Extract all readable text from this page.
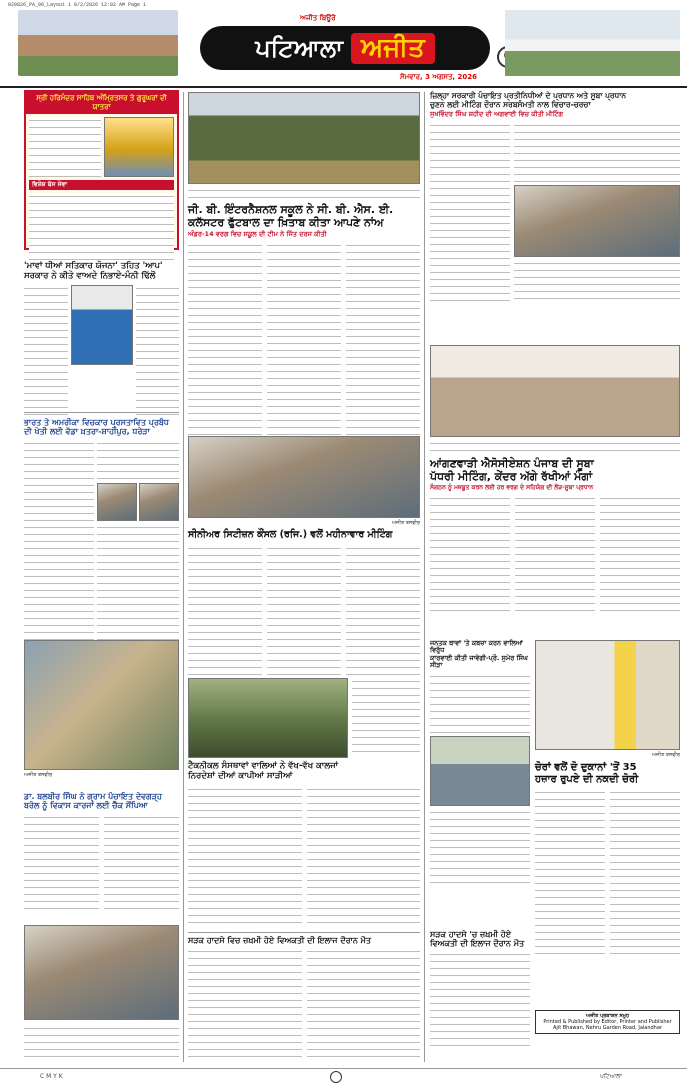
020826_PA_06_Layout 1 8/2/2026 12:02 AM Page 1
ਅਜੀਤ ਬਿਊਰੋ
ਪਟਿਆਲਾ ਅਜੀਤ
ਸੋਮਵਾਰ, 3 ਅਗਸਤ, 2026
ਸ੍ਰੀ ਹਰਿਮੰਦਰ ਸਾਹਿਬ ਅੰਮ੍ਰਿਤਸਰ ਤੇ ਗੁਰੂਘਰਾਂ ਦੀ ਯਾਤਰਾ
ਵਿਸ਼ੇਸ਼ ਬੱਸ ਸੇਵਾ
'ਮਾਵਾਂ ਧੀਆਂ ਸਤਿਕਾਰ ਯੋਜਨਾ' ਤਹਿਤ 'ਆਪ'
ਸਰਕਾਰ ਨੇ ਕੀਤੇ ਵਾਅਦੇ ਨਿਭਾਏ-ਮੰਨੀ ਢਿੱਲੋਂ
ਭਾਰਤ ਤੇ ਅਮਰੀਕਾ ਵਿਚਕਾਰ ਪ੍ਰਸਤਾਵਿਤ ਪ੍ਰਬੰਧ
ਦੀ ਖੇਤੀ ਲਈ ਵੱਡਾ ਖ਼ਤਰਾ-ਸ਼ਾਹੀਪੁਰ, ਧਰੇੜਾ
ਅਜੀਤ ਤਸਵੀਰ
ਡਾ. ਬਲਬੀਰ ਸਿੰਘ ਨੇ ਗ੍ਰਾਮ ਪੰਚਾਇਤ ਦੇਵਗੜ੍ਹ
ਬਰੋਲ ਨੂੰ ਵਿਕਾਸ ਕਾਰਜਾਂ ਲਈ ਚੈੱਕ ਸੌਂਪਿਆ
ਜੀ. ਬੀ. ਇੰਟਰਨੈਸ਼ਨਲ ਸਕੂਲ ਨੇ ਸੀ. ਬੀ. ਐਸ. ਈ.
ਕਲੱਸਟਰ ਫੁੱਟਬਾਲ ਦਾ ਖ਼ਿਤਾਬ ਕੀਤਾ ਆਪਣੇ ਨਾਂਅ
ਅੰਡਰ-14 ਵਰਗ ਵਿਚ ਸਕੂਲ ਦੀ ਟੀਮ ਨੇ ਜਿੱਤ ਦਰਜ ਕੀਤੀ
ਅਜੀਤ ਤਸਵੀਰ
ਸੀਨੀਅਰ ਸਿਟੀਜ਼ਨ ਕੌਂਸਲ (ਰਜਿ.) ਵਲੋਂ ਮਹੀਨਾਵਾਰ ਮੀਟਿੰਗ
ਟੈਕਨੀਕਲ ਸੰਸਥਾਵਾਂ ਵਾਲਿਆਂ ਨੇ ਵੱਖ-ਵੱਖ ਕਾਲਜਾਂ
ਨਿਰਦੇਸ਼ਾਂ ਦੀਆਂ ਕਾਪੀਆਂ ਸਾੜੀਆਂ
ਸੜਕ ਹਾਦਸੇ ਵਿਚ ਜ਼ਖ਼ਮੀ ਹੋਏ ਵਿਅਕਤੀ ਦੀ ਇਲਾਜ ਦੌਰਾਨ ਮੌਤ
ਜ਼ਿਲ੍ਹਾ ਸਰਕਾਰੀ ਪੰਚਾਇਤ ਪ੍ਰਤੀਨਿਧੀਆਂ ਦੇ ਪ੍ਰਧਾਨ ਅਤੇ ਸੂਬਾ ਪ੍ਰਧਾਨ
ਚੁਣਨ ਲਈ ਮੀਟਿੰਗ ਦੌਰਾਨ ਸਰਬਸੰਮਤੀ ਨਾਲ ਵਿਚਾਰ-ਚਰਚਾ
ਸੁਖਵਿੰਦਰ ਸਿੰਘ ਸ਼ਹੀਦ ਦੀ ਅਗਵਾਈ ਵਿਚ ਕੀਤੀ ਮੀਟਿੰਗ
ਆਂਗਣਵਾੜੀ ਐਸੋਸੀਏਸ਼ਨ ਪੰਜਾਬ ਦੀ ਸੂਬਾ
ਪੱਧਰੀ ਮੀਟਿੰਗ, ਕੇਂਦਰ ਅੱਗੇ ਰੱਖੀਆਂ ਮੰਗਾਂ
ਸੰਗਠਨ ਨੂੰ ਮਜ਼ਬੂਤ ਕਰਨ ਲਈ ਹਰ ਵਰਗ ਦੇ ਸਹਿਯੋਗ ਦੀ ਲੋੜ-ਸੂਬਾ ਪ੍ਰਧਾਨ
ਜਨਤਕ ਥਾਵਾਂ 'ਤੇ ਕਬਜ਼ਾ ਕਰਨ ਵਾਲਿਆਂ ਵਿਰੁੱਧ
ਕਾਰਵਾਈ ਕੀਤੀ ਜਾਵੇਗੀ-ਪ੍ਰੋ. ਸੁਮੇਰ ਸਿੰਘ ਸੀੜਾ
ਅਜੀਤ ਤਸਵੀਰ
ਚੋਰਾਂ ਵਲੋਂ ਦੋ ਦੁਕਾਨਾਂ 'ਤੋਂ 35
ਹਜ਼ਾਰ ਰੁਪਏ ਦੀ ਨਕਦੀ ਚੋਰੀ
ਸੜਕ ਹਾਦਸੇ 'ਚ ਜ਼ਖ਼ਮੀ ਹੋਏ
ਵਿਅਕਤੀ ਦੀ ਇਲਾਜ ਦੌਰਾਨ ਮੌਤ
ਅਜੀਤ ਪ੍ਰਕਾਸ਼ਨ ਸਮੂਹ
Printed & Published by Editor, Printer and Publisher
Ajit Bhawan, Nehru Garden Road, Jalandhar
C M Y K	ਪਟਿਆਲਾ
